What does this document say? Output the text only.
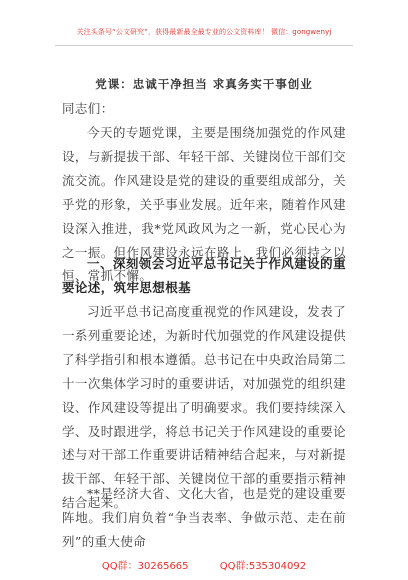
关注头条号“公文研究”，获得最新最全最专业的公文资料库！ 微信：gongwenyj
党课：忠诚干净担当 求真务实干事创业

同志们：

今天的专题党课，主要是围绕加强党的作风建设，与新提拔干部、年轻干部、关键岗位干部们交流交流。作风建设是党的建设的重要组成部分，关乎党的形象，关乎事业发展。近年来，随着作风建设深入推进，我*党风政风为之一新，党心民心为之一振。但作风建设永远在路上，我们必须持之以恒、常抓不懈。

一、深刻领会习近平总书记关于作风建设的重要论述，筑牢思想根基

习近平总书记高度重视党的作风建设，发表了一系列重要论述，为新时代加强党的作风建设提供了科学指引和根本遵循。总书记在中央政治局第二十一次集体学习时的重要讲话，对加强党的组织建设、作风建设等提出了明确要求。我们要持续深入学、及时跟进学，将总书记关于作风建设的重要论述与对干部工作重要讲话精神结合起来，与对新提拔干部、年轻干部、关键岗位干部的重要指示精神结合起来。

**是经济大省、文化大省，也是党的建设重要阵地。我们肩负着“争当表率、争做示范、走在前列”的重大使命

QQ群：30265665	QQ群:535304092
